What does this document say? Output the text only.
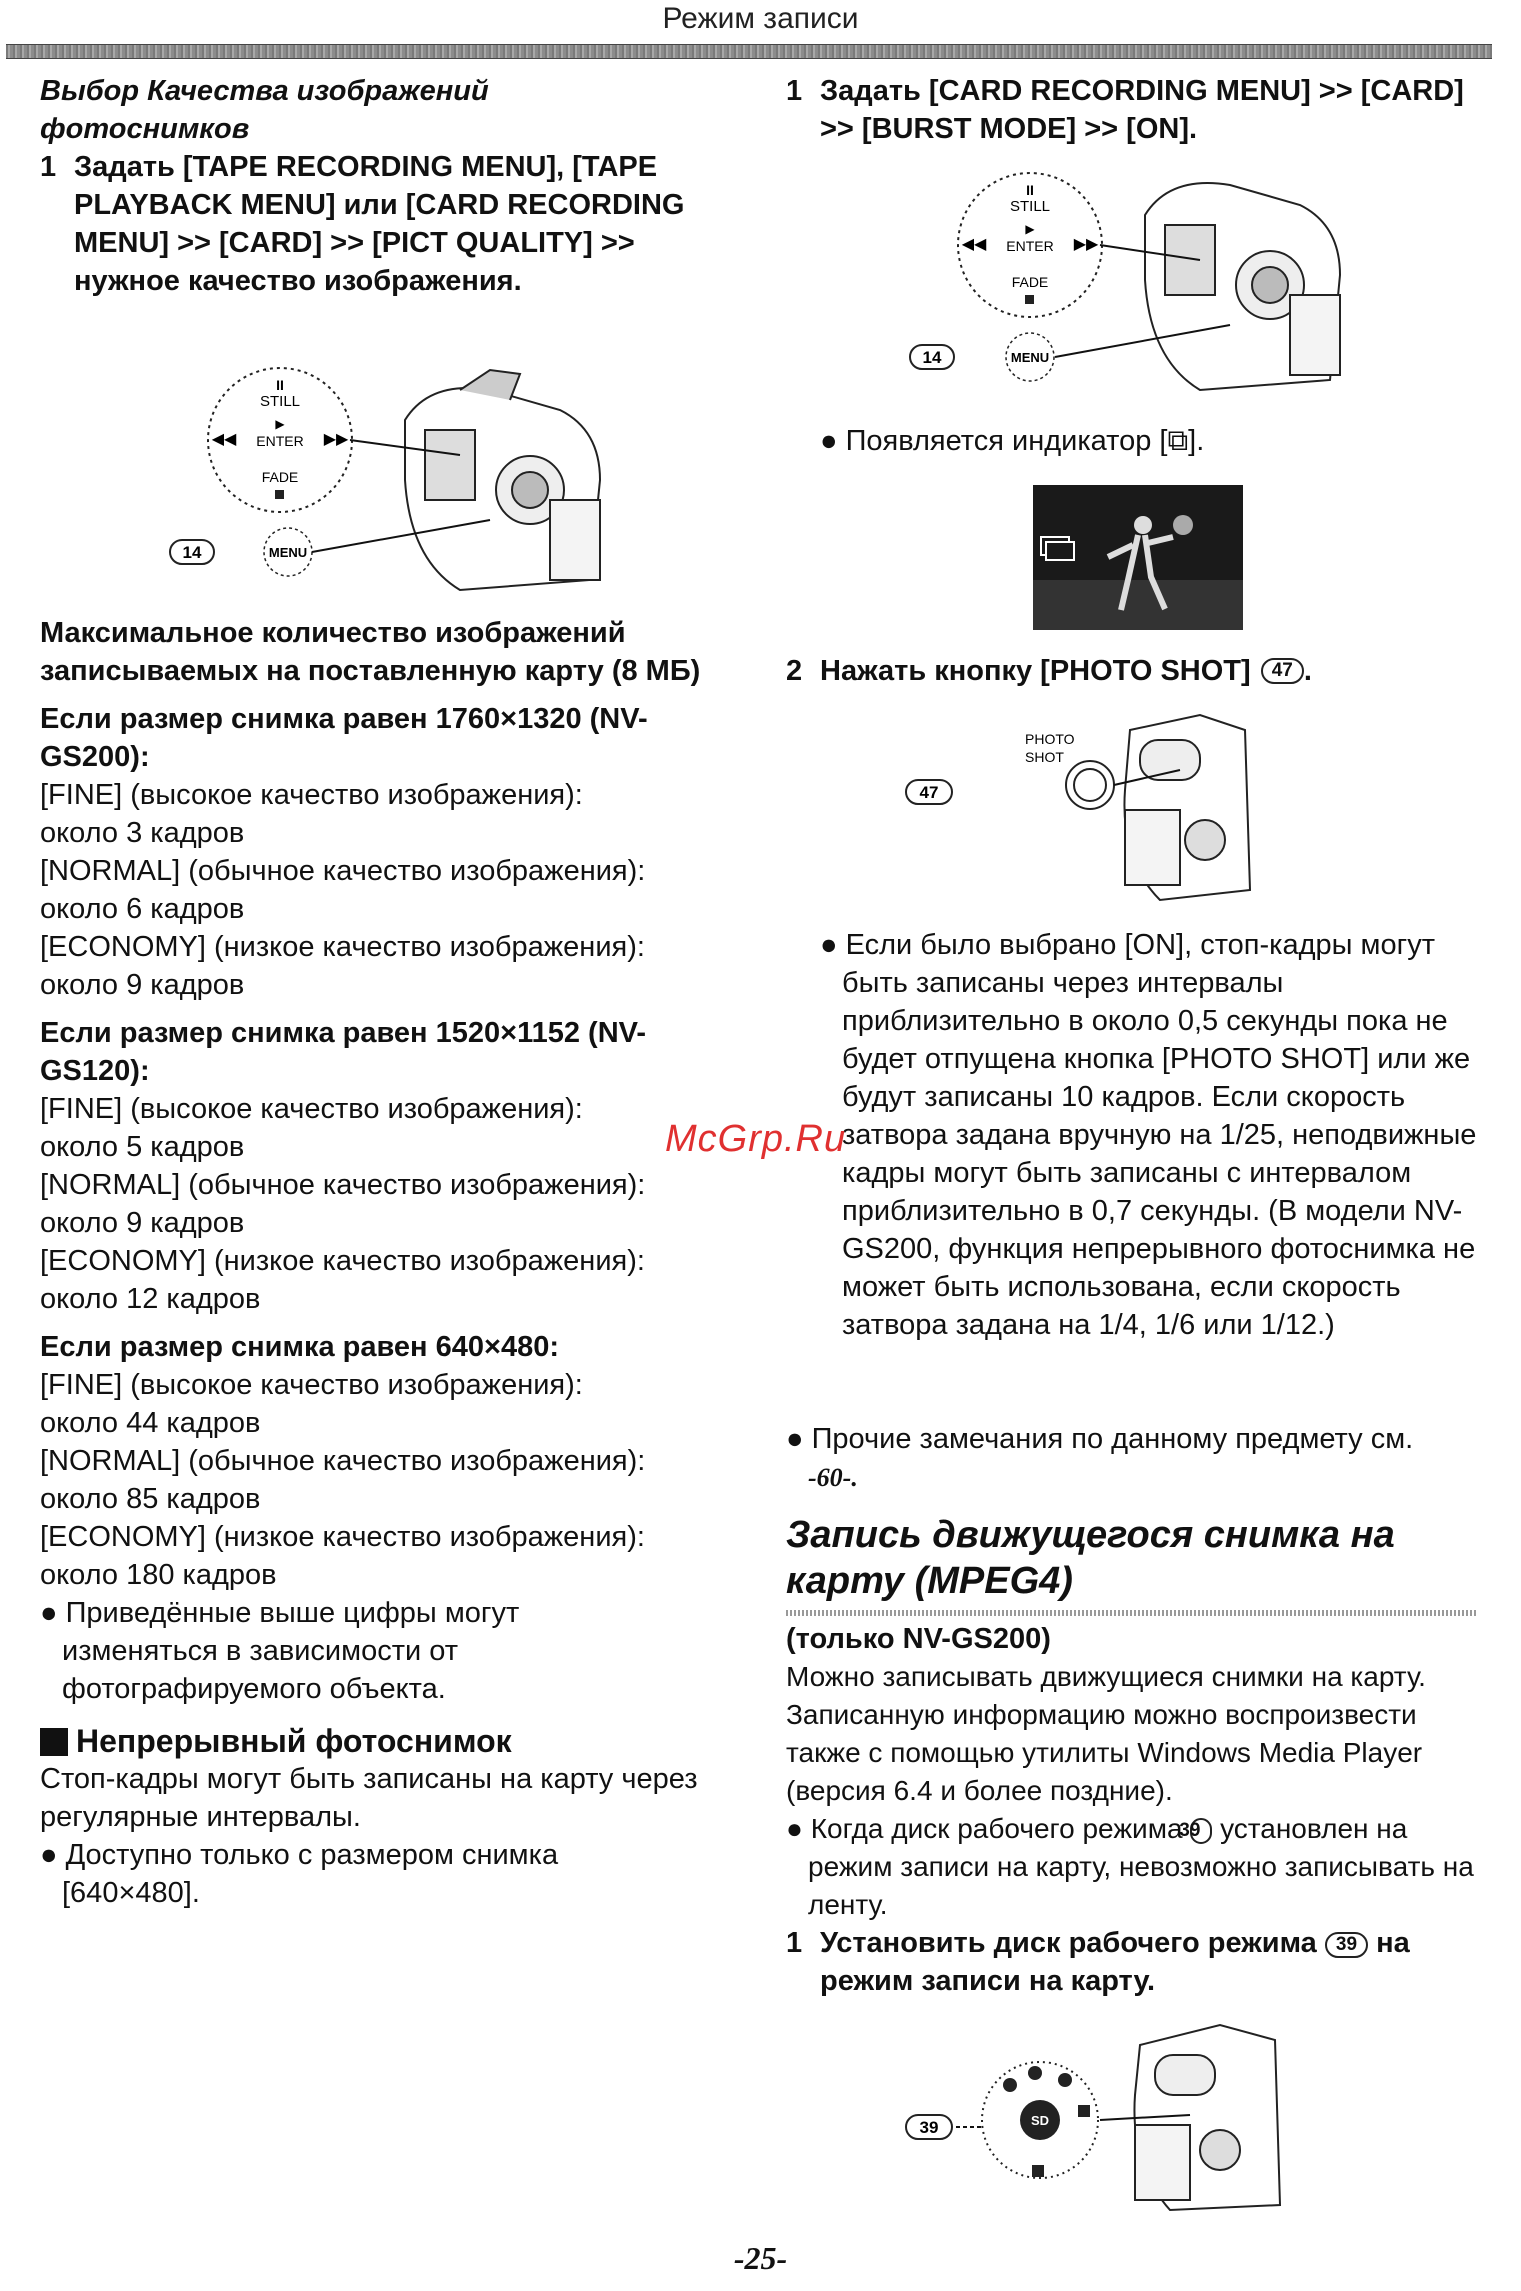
Режим записи
Выбор Качества изображений фотоснимков
1 Задать [TAPE RECORDING MENU], [TAPE PLAYBACK MENU] или [CARD RECORDING MENU] >> [CARD] >> [PICT QUALITY] >> нужное качество изображения.
II
STILL
ENTER
FADE
◀◀	▶▶
▶
14	MENU
Максимальное количество изображений записываемых на поставленную карту (8 МБ)
Если размер снимка равен 1760×1320 (NV-GS200):
[FINE] (высокое качество изображения):
около 3 кадров
[NORMAL] (обычное качество изображения):
около 6 кадров
[ECONOMY] (низкое качество изображения):
около 9 кадров
Если размер снимка равен 1520×1152 (NV-GS120):
[FINE] (высокое качество изображения):
около 5 кадров
[NORMAL] (обычное качество изображения):
около 9 кадров
[ECONOMY] (низкое качество изображения):
около 12 кадров
Если размер снимка равен 640×480:
[FINE] (высокое качество изображения):
около 44 кадров
[NORMAL] (обычное качество изображения):
около 85 кадров
[ECONOMY] (низкое качество изображения):
около 180 кадров
● Приведённые выше цифры могут изменяться в зависимости от фотографируемого объекта.
Непрерывный фотоснимок
Стоп-кадры могут быть записаны на карту через регулярные интервалы.
● Доступно только с размером снимка [640×480].
1 Задать [CARD RECORDING MENU] >> [CARD] >> [BURST MODE] >> [ON].
II
STILL
ENTER
FADE
◀◀	▶▶
▶
14	MENU
● Появляется индикатор [⧉].
2 Нажать кнопку [PHOTO SHOT]	47 .
47
PHOTO
SHOT
● Если было выбрано [ON], стоп-кадры могут быть записаны через интервалы приблизительно в около 0,5 секунды пока не будет отпущена кнопка [PHOTO SHOT] или же будут записаны 10 кадров. Если скорость затвора задана вручную на 1/25, неподвижные кадры могут быть записаны с интервалом приблизительно в 0,7 секунды. (В модели NV-GS200, функция непрерывного фотоснимка не может быть использована, если скорость затвора задана на 1/4, 1/6 или 1/12.)
● Прочие замечания по данному предмету см.
-60-.
Запись движущегося снимка на
карту (MPEG4)
(только NV-GS200)
Можно записывать движущиеся снимки на карту. Записанную информацию можно воспроизвести также с помощью утилиты Windows Media Player (версия 6.4 и более поздние).
● Когда диск рабочего режима 39 установлен на режим записи на карту, невозможно записывать на ленту.
1 Установить диск рабочего режима 39 на режим записи на карту.
39	SD
McGrp.Ru
-25-
